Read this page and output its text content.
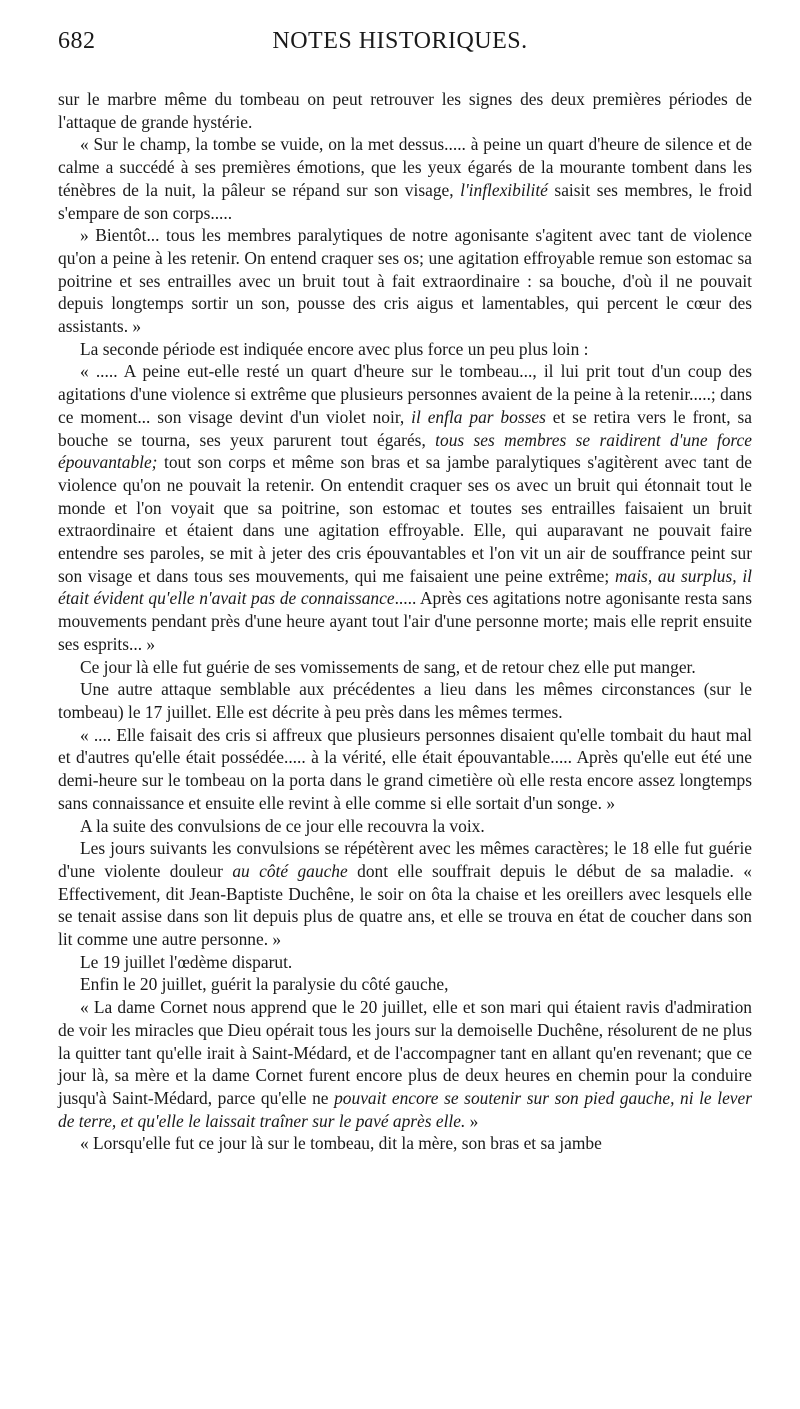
682	NOTES HISTORIQUES.

sur le marbre même du tombeau on peut retrouver les signes des deux premières périodes de l'attaque de grande hystérie.

« Sur le champ, la tombe se vuide, on la met dessus..... à peine un quart d'heure de silence et de calme a succédé à ses premières émotions, que les yeux égarés de la mourante tombent dans les ténèbres de la nuit, la pâleur se répand sur son visage, l'inflexibilité saisit ses membres, le froid s'empare de son corps.....

» Bientôt... tous les membres paralytiques de notre agonisante s'agitent avec tant de violence qu'on a peine à les retenir. On entend craquer ses os; une agitation effroyable remue son estomac sa poitrine et ses entrailles avec un bruit tout à fait extraordinaire : sa bouche, d'où il ne pouvait depuis longtemps sortir un son, pousse des cris aigus et lamentables, qui percent le cœur des assistants. »

La seconde période est indiquée encore avec plus force un peu plus loin :

« ..... A peine eut-elle resté un quart d'heure sur le tombeau..., il lui prit tout d'un coup des agitations d'une violence si extrême que plusieurs personnes avaient de la peine à la retenir.....; dans ce moment... son visage devint d'un violet noir, il enfla par bosses et se retira vers le front, sa bouche se tourna, ses yeux parurent tout égarés, tous ses membres se raidirent d'une force épouvantable; tout son corps et même son bras et sa jambe paralytiques s'agitèrent avec tant de violence qu'on ne pouvait la retenir. On entendit craquer ses os avec un bruit qui étonnait tout le monde et l'on voyait que sa poitrine, son estomac et toutes ses entrailles faisaient un bruit extraordinaire et étaient dans une agitation effroyable. Elle, qui auparavant ne pouvait faire entendre ses paroles, se mit à jeter des cris épouvantables et l'on vit un air de souffrance peint sur son visage et dans tous ses mouvements, qui me faisaient une peine extrême; mais, au surplus, il était évident qu'elle n'avait pas de connaissance..... Après ces agitations notre agonisante resta sans mouvements pendant près d'une heure ayant tout l'air d'une personne morte; mais elle reprit ensuite ses esprits... »

Ce jour là elle fut guérie de ses vomissements de sang, et de retour chez elle put manger.

Une autre attaque semblable aux précédentes a lieu dans les mêmes circonstances (sur le tombeau) le 17 juillet. Elle est décrite à peu près dans les mêmes termes.

« .... Elle faisait des cris si affreux que plusieurs personnes disaient qu'elle tombait du haut mal et d'autres qu'elle était possédée..... à la vérité, elle était épouvantable..... Après qu'elle eut été une demi-heure sur le tombeau on la porta dans le grand cimetière où elle resta encore assez longtemps sans connaissance et ensuite elle revint à elle comme si elle sortait d'un songe. »

A la suite des convulsions de ce jour elle recouvra la voix.

Les jours suivants les convulsions se répétèrent avec les mêmes caractères; le 18 elle fut guérie d'une violente douleur au côté gauche dont elle souffrait depuis le début de sa maladie. « Effectivement, dit Jean-Baptiste Duchêne, le soir on ôta la chaise et les oreillers avec lesquels elle se tenait assise dans son lit depuis plus de quatre ans, et elle se trouva en état de coucher dans son lit comme une autre personne. »

Le 19 juillet l'œdème disparut.

Enfin le 20 juillet, guérit la paralysie du côté gauche,

« La dame Cornet nous apprend que le 20 juillet, elle et son mari qui étaient ravis d'admiration de voir les miracles que Dieu opérait tous les jours sur la demoiselle Duchêne, résolurent de ne plus la quitter tant qu'elle irait à Saint-Médard, et de l'accompagner tant en allant qu'en revenant; que ce jour là, sa mère et la dame Cornet furent encore plus de deux heures en chemin pour la conduire jusqu'à Saint-Médard, parce qu'elle ne pouvait encore se soutenir sur son pied gauche, ni le lever de terre, et qu'elle le laissait traîner sur le pavé après elle. »

« Lorsqu'elle fut ce jour là sur le tombeau, dit la mère, son bras et sa jambe
